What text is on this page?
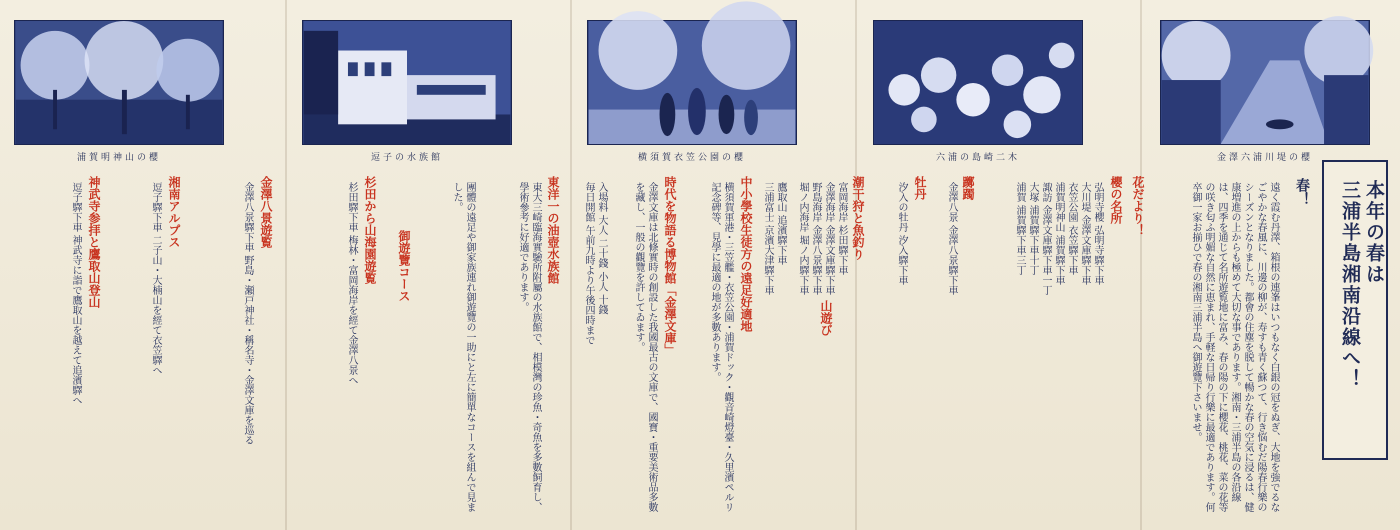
浦賀明神山の櫻	逗子の水族館	横須賀衣笠公園の櫻	六浦の島崎二木	金澤六浦川堤の櫻
本年の春は
三浦半島湘南沿線へ！
春！
遠く霞む丹澤、箱根の連峯はいつもなく白銀の冠をぬぎ、大地を強でるなごやかな春風に、川邊の柳が、寿すも青く蘇つて、行き悩むだ陽春行樂のシーズンとなりました。都會の住塵を脱して暢かな春の空気に浸るは、健康増進の上からも極めて大切な事であります。湘南・三浦半島の各沿線は、四季を通じて名所遊覧地に富み、春の陽の下に櫻花、桃花、菜の花等の咲き匂ふ明媚な自然に恵まれ、手軽な日帰り行樂に最適であります。何卒御一家お揃ひで春の湘南三浦半島へ御遊覽下さいませ。
花だより！
櫻の名所
弘明寺櫻 弘明寺驛下車
大川堤 金澤文庫驛下車
衣笠公園 衣笠驛下車
浦賀明神山 浦賀驛下車
諏訪 金澤文庫驛下車一丁
大塚 浦賀驛下車十丁
浦賀 浦賀驛下車三丁
躑躅
金澤八景 金澤八景驛下車
牡丹
汐入の牡丹 汐入驛下車
潮干狩と魚釣り
富岡海岸 杉田驛下車
金澤海岸 金澤文庫驛下車
野島海岸 金澤八景驛下車
堀ノ内海岸 堀ノ内驛下車
山遊び
鷹取山 追濱驛下車
三浦富士 京濱大津驛下車
中小學校生徒方の遠足好適地
横須賀軍港・三笠艦・衣笠公園・浦賀ドック・觀音崎燈臺・久里濱ペルリ記念碑等、見學に最適の地が多數あります。
時代を物語る博物館「金澤文庫」
金澤文庫は北條實時の創設した我國最古の文庫で、國寶・重要美術品多數を藏し、一般の觀覽を許してゐます。
入場料 大人 二十錢 小人 十錢
毎日開館 午前九時より午後四時まで
東洋一の油壺水族館
東大三崎臨海實驗所附屬の水族館で、相模灣の珍魚・奇魚を多數飼育し、學術參考に好適であります。
團體の遠足や御家族連れ御遊覽の一助にと左に簡單なコースを組んで見ました。
御遊覽コース
杉田から山海園遊覧
杉田驛下車 梅林・富岡海岸を經て金澤八景へ
金澤八景遊覧
金澤八景驛下車 野島・瀬戸神社・稱名寺・金澤文庫を巡る
湘南アルプス
逗子驛下車 二子山・大楠山を經て衣笠驛へ
神武寺参拝と鷹取山登山
逗子驛下車 神武寺に詣で鷹取山を越えて追濱驛へ
